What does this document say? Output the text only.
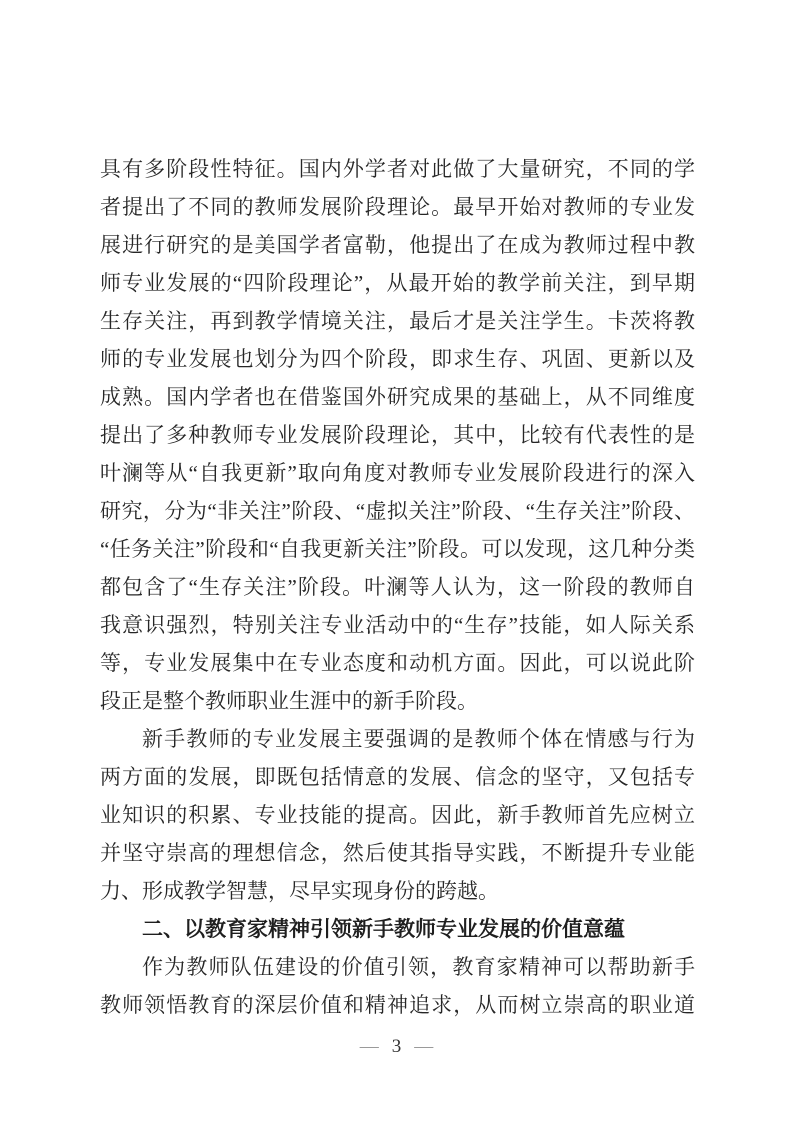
具有多阶段性特征。国内外学者对此做了大量研究，不同的学
者提出了不同的教师发展阶段理论。最早开始对教师的专业发
展进行研究的是美国学者富勒，他提出了在成为教师过程中教
师专业发展的“四阶段理论”，从最开始的教学前关注，到早期
生存关注，再到教学情境关注，最后才是关注学生。卡茨将教
师的专业发展也划分为四个阶段，即求生存、巩固、更新以及
成熟。国内学者也在借鉴国外研究成果的基础上，从不同维度
提出了多种教师专业发展阶段理论，其中，比较有代表性的是
叶澜等从“自我更新”取向角度对教师专业发展阶段进行的深入
研究，分为“非关注”阶段、“虚拟关注”阶段、“生存关注”阶段、
“任务关注”阶段和“自我更新关注”阶段。可以发现，这几种分类
都包含了“生存关注”阶段。叶澜等人认为，这一阶段的教师自
我意识强烈，特别关注专业活动中的“生存”技能，如人际关系
等，专业发展集中在专业态度和动机方面。因此，可以说此阶
段正是整个教师职业生涯中的新手阶段。
新手教师的专业发展主要强调的是教师个体在情感与行为
两方面的发展，即既包括情意的发展、信念的坚守，又包括专
业知识的积累、专业技能的提高。因此，新手教师首先应树立
并坚守崇高的理想信念，然后使其指导实践，不断提升专业能
力、形成教学智慧，尽早实现身份的跨越。
二、以教育家精神引领新手教师专业发展的价值意蕴
作为教师队伍建设的价值引领，教育家精神可以帮助新手
教师领悟教育的深层价值和精神追求，从而树立崇高的职业道
— 3 —
